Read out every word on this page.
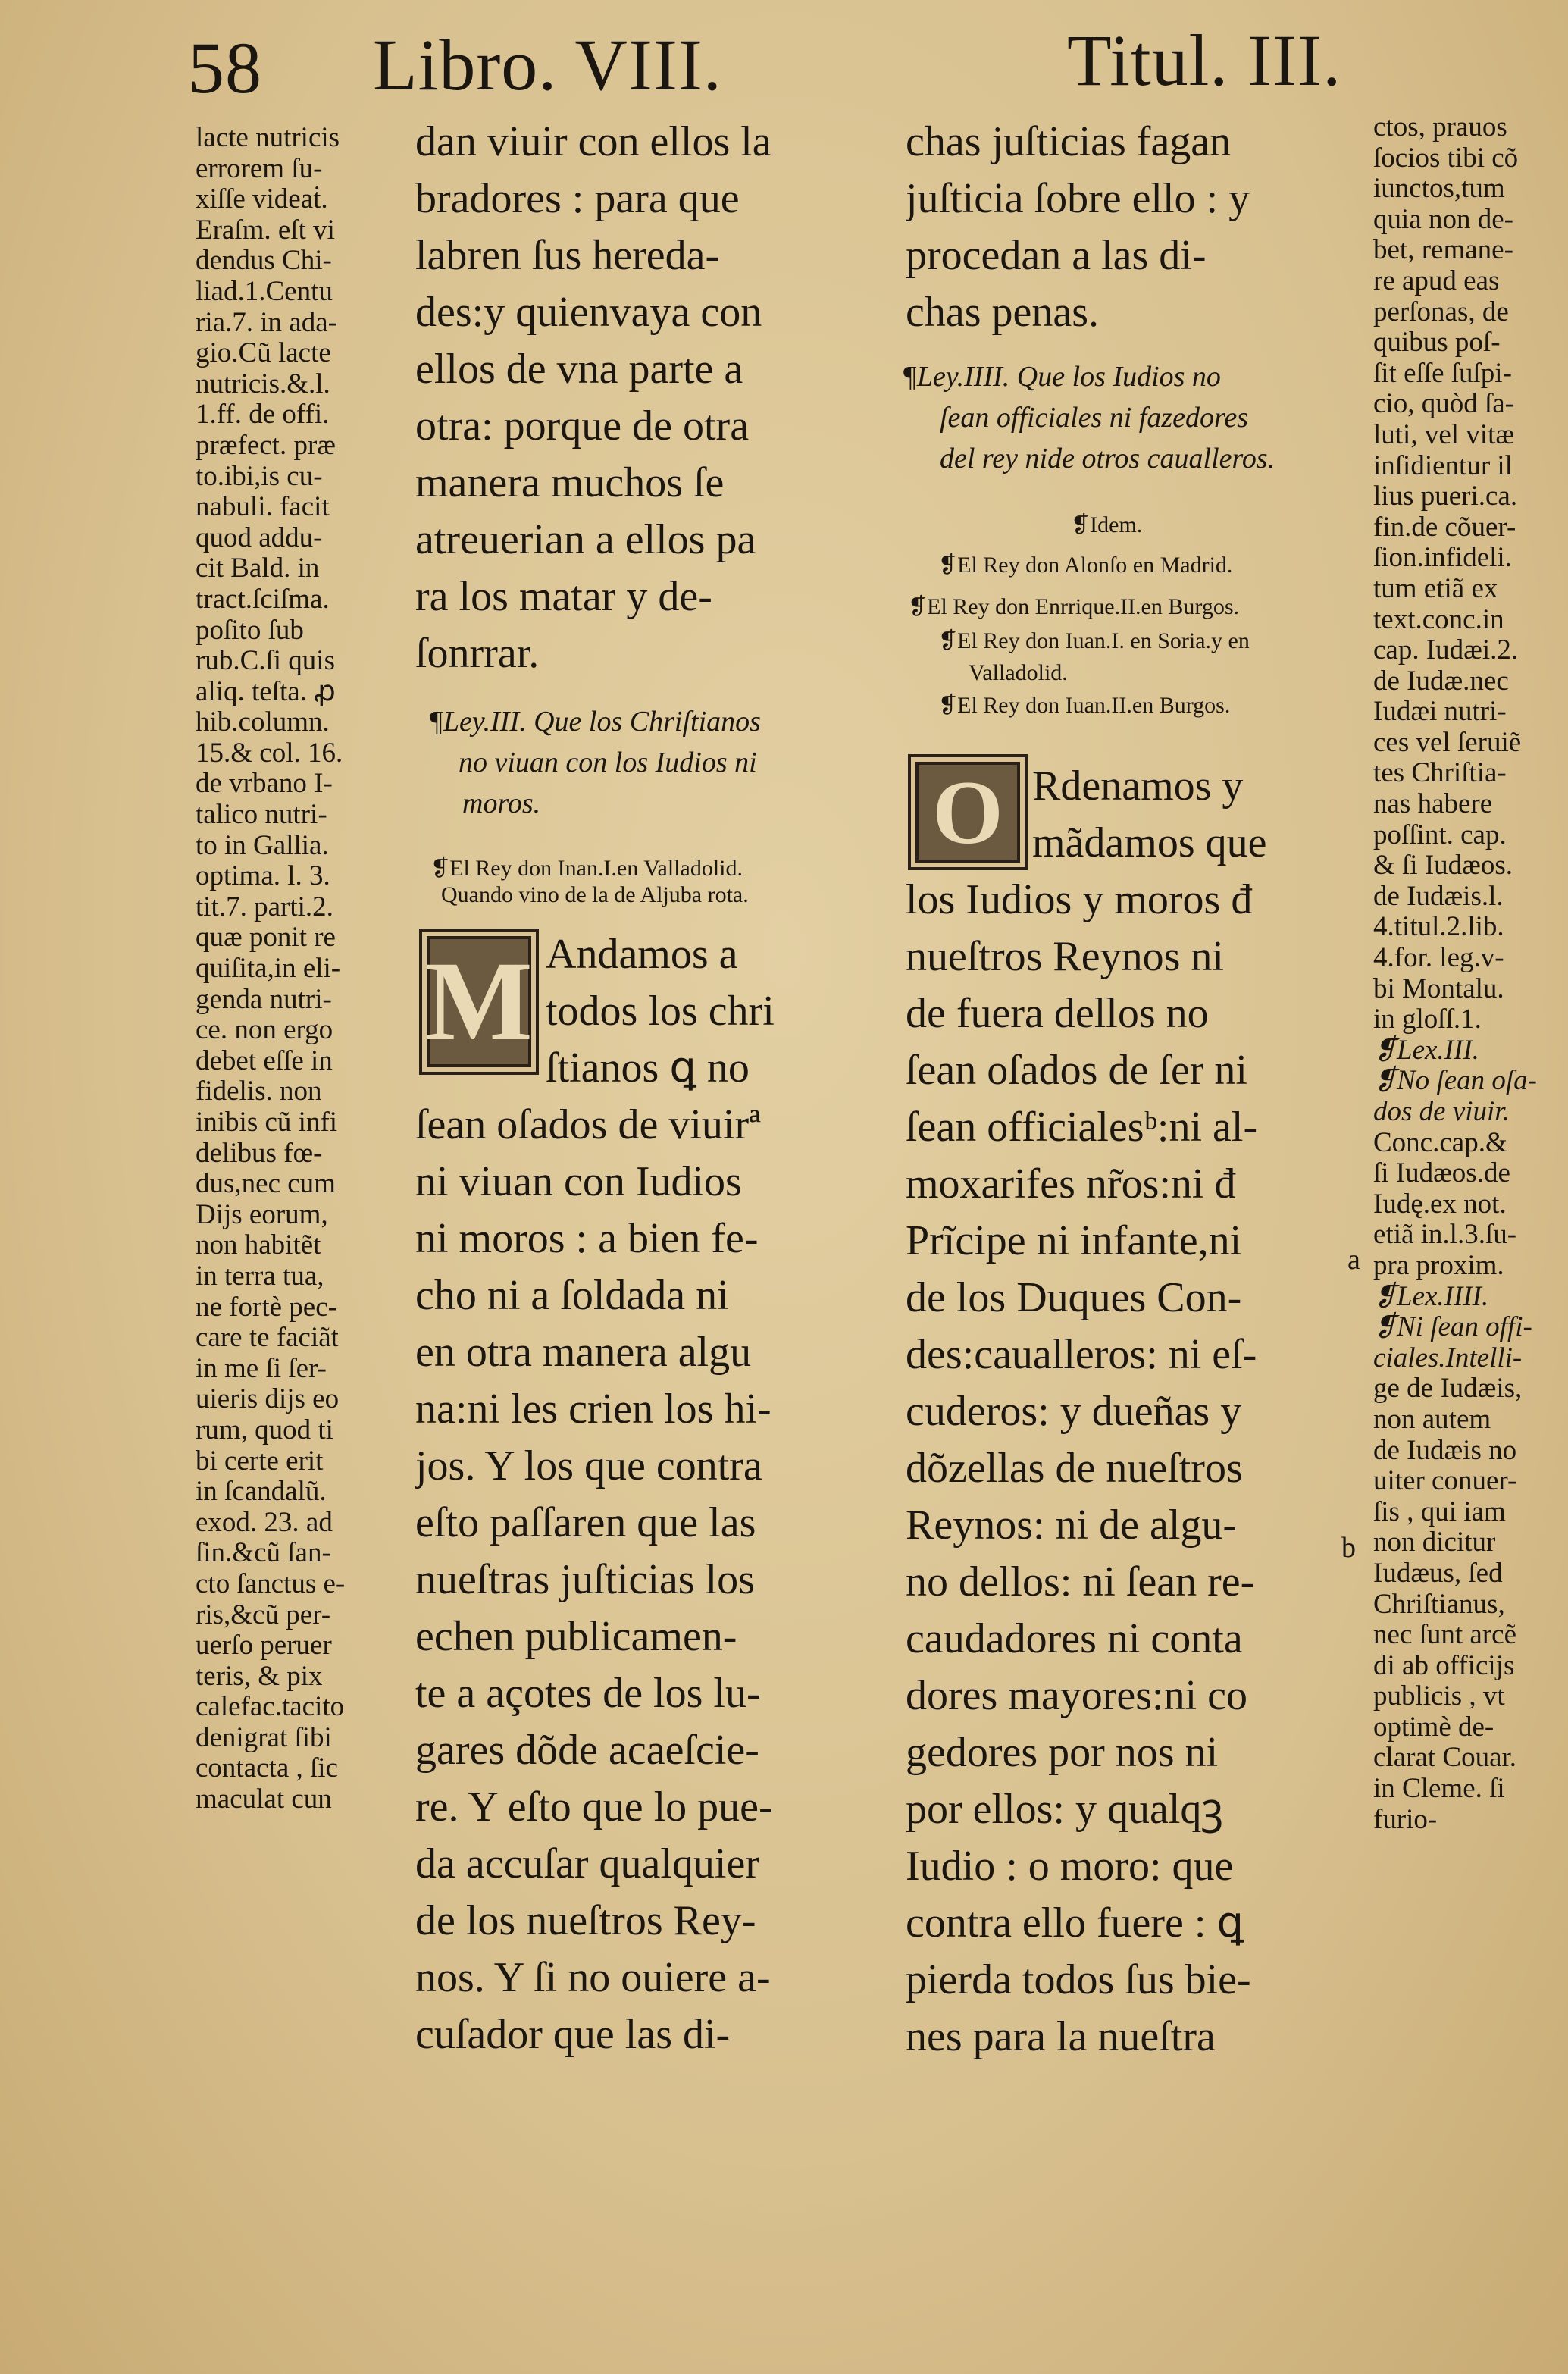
58 Libro. VIII.	Titul. III.
lacte nutricis
errorem ſu-
xiſſe videaṫ.
Eraſm. eſt vi
dendus Chi-
liad.1.Centu
ria.7. in ada-
gio.Cũ lacte
nutricis.&.l.
1.ff. de offi.
præfect. præ
to.ibi,is cu-
nabuli. facit
quod addu-
cit Bald. in
tract.ſciſma.
poſito ſub
rub.C.ſi quis
aliq. teſta. ꝓ
hib.column.
15.& col. 16.
de vrbano I-
talico nutri-
to in Gallia.
optima. l. 3.
tit.7. parti.2.
quæ ponit re
quiſita,in eli-
genda nutri-
ce. non ergo
debet eſſe in
fidelis. non
inibis cũ infi
delibus fœ-
dus,nec cum
Dijs eorum,
non habitẽt
in terra tua,
ne fortè pec-
care te faciãt
in me ſi ſer-
uieris dijs eo
rum, quod ti
bi certe erit
in ſcandalũ.
exod. 23. ad
ſin.&cũ ſan-
cto ſanctus e-
ris,&cũ per-
uerſo peruer
teris, & pix
calefac.tacito
denigrat ſibi
contacta , ſic
maculat cun
dan viuir con ellos la
bradores : para que
labren ſus hereda-
des:y quienvaya con
ellos de vna parte a
otra: porque de otra
manera muchos ſe
atreuerian a ellos pa
ra los matar y de-
ſonrrar.
¶Ley.III. Que los Chriſtianos
no viuan con los Iudios ni
moros.
❡El Rey don Inan.I.en Valladolid.
Quando vino de la de Aljuba rota.
M Andamos a
todos los chri
ſtianos ꝗ no
ſean oſados de viuirª
ni viuan con Iudios
ni moros : a bien fe-
cho ni a ſoldada ni
en otra manera algu
na:ni les crien los hi-
jos. Y los que contra
eſto paſſaren que las
nueſtras juſticias los
echen publicamen-
te a açotes de los lu-
gares dõde acaeſcie-
re. Y eſto que lo pue-
da accuſar qualquier
de los nueſtros Rey-
nos. Y ſi no ouiere a-
cuſador que las di-
chas juſticias fagan
juſticia ſobre ello : y
procedan a las di-
chas penas.
¶Ley.IIII. Que los Iudios no
ſean officiales ni fazedores
del rey nide otros caualleros.
❡Idem.
❡El Rey don Alonſo en Madrid.
❡El Rey don Enrrique.II.en Burgos.
❡El Rey don Iuan.I. en Soria.y en
Valladolid.
❡El Rey don Iuan.II.en Burgos.
O Rdenamos y
mãdamos que
los Iudios y moros đ
nueſtros Reynos ni
de fuera dellos no
ſean oſados de ſer ni
ſean officialesᵇ:ni al-
moxarifes nr̃os:ni đ
Prĩcipe ni infante,ni
de los Duques Con-
des:caualleros: ni eſ-
cuderos: y dueñas y
dõzellas de nueſtros
Reynos: ni de algu-
no dellos: ni ſean re-
caudadores ni conta
dores mayores:ni co
gedores por nos ni
por ellos: y qualqꝫ
Iudio : o moro: que
contra ello fuere : ꝗ
pierda todos ſus bie-
nes para la nueſtra
a
b
ctos, prauos
ſocios tibi cõ
iunctos,tum
quia non de-
bet, remane-
re apud eas
perſonas, de
quibus poſ-
ſit eſſe ſuſpi-
cio, quòd ſa-
luti, vel vitæ
inſidientur il
lius pueri.ca.
fin.de cõuer-
ſion.infideli.
tum etiã ex
text.conc.in
cap. Iudæi.2.
de Iudæ.nec
Iudæi nutri-
ces vel ſeruiẽ
tes Chriſtia-
nas habere
poſſint. cap.
& ſi Iudæos.
de Iudæis.l.
4.titul.2.lib.
4.for. leg.v-
bi Montalu.
in gloſſ.1.
❡Lex.III.
❡No ſean oſa-
dos de viuir.
Conc.cap.&
ſi Iudæos.de
Iudę.ex not.
etiã in.l.3.ſu-
pra proxim.
❡Lex.IIII.
❡Ni ſean offi-
ciales.Intelli-
ge de Iudæis,
non autem
de Iudæis no
uiter conuer-
ſis , qui iam
non dicitur
Iudæus, ſed
Chriſtianus,
nec ſunt arcẽ
di ab officijs
publicis , vt
optimè de-
clarat Couar.
in Cleme. ſi
furio-
